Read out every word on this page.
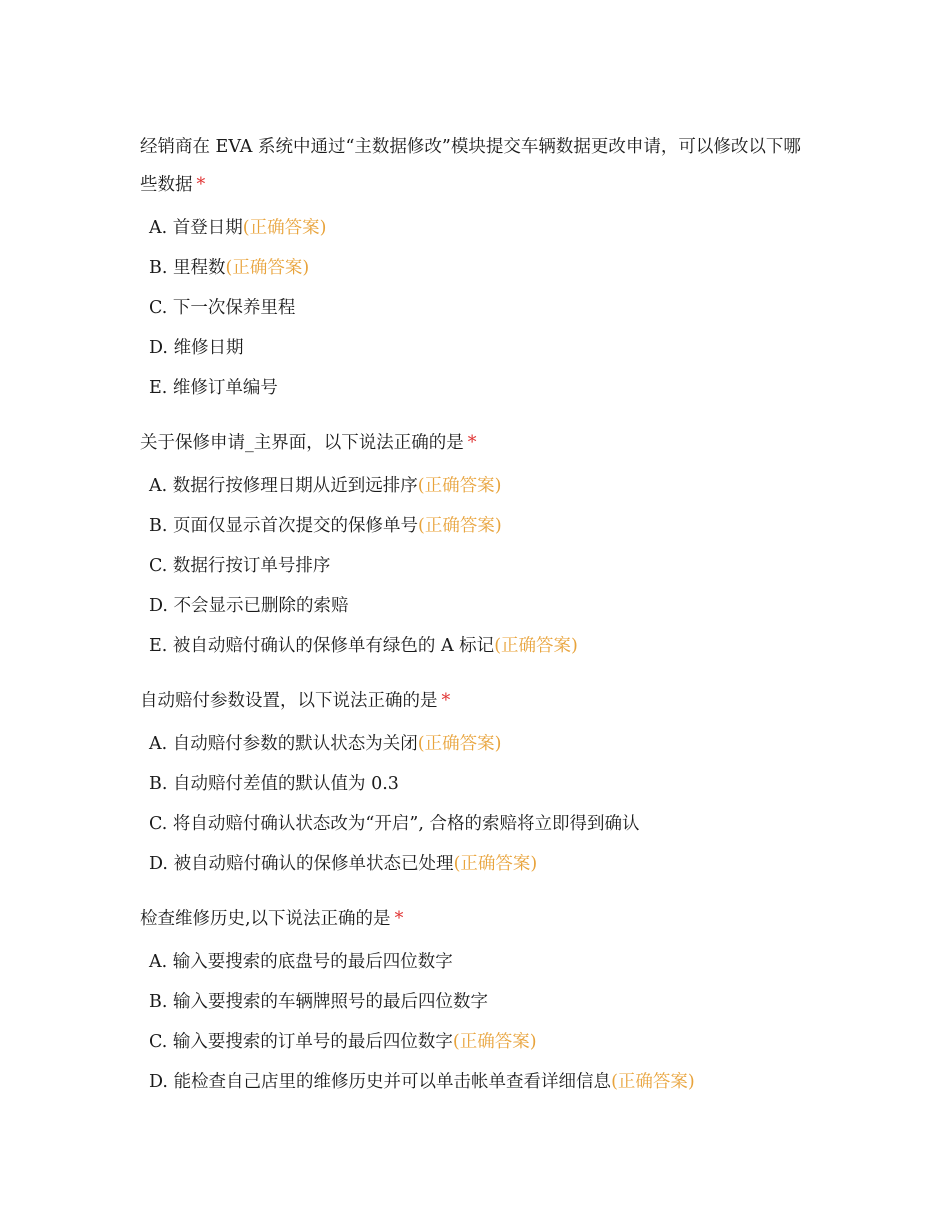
经销商在 EVA 系统中通过“主数据修改”模块提交车辆数据更改申请，可以修改以下哪些数据 *
A. 首登日期(正确答案)
B. 里程数(正确答案)
C. 下一次保养里程
D. 维修日期
E. 维修订单编号
关于保修申请_主界面，以下说法正确的是 *
A. 数据行按修理日期从近到远排序(正确答案)
B. 页面仅显示首次提交的保修单号(正确答案)
C. 数据行按订单号排序
D. 不会显示已删除的索赔
E. 被自动赔付确认的保修单有绿色的 A 标记(正确答案)
自动赔付参数设置，以下说法正确的是 *
A. 自动赔付参数的默认状态为关闭(正确答案)
B. 自动赔付差值的默认值为 0.3
C. 将自动赔付确认状态改为“开启”, 合格的索赔将立即得到确认
D. 被自动赔付确认的保修单状态已处理(正确答案)
检查维修历史,以下说法正确的是 *
A. 输入要搜索的底盘号的最后四位数字
B. 输入要搜索的车辆牌照号的最后四位数字
C. 输入要搜索的订单号的最后四位数字(正确答案)
D. 能检查自己店里的维修历史并可以单击帐单查看详细信息(正确答案)
